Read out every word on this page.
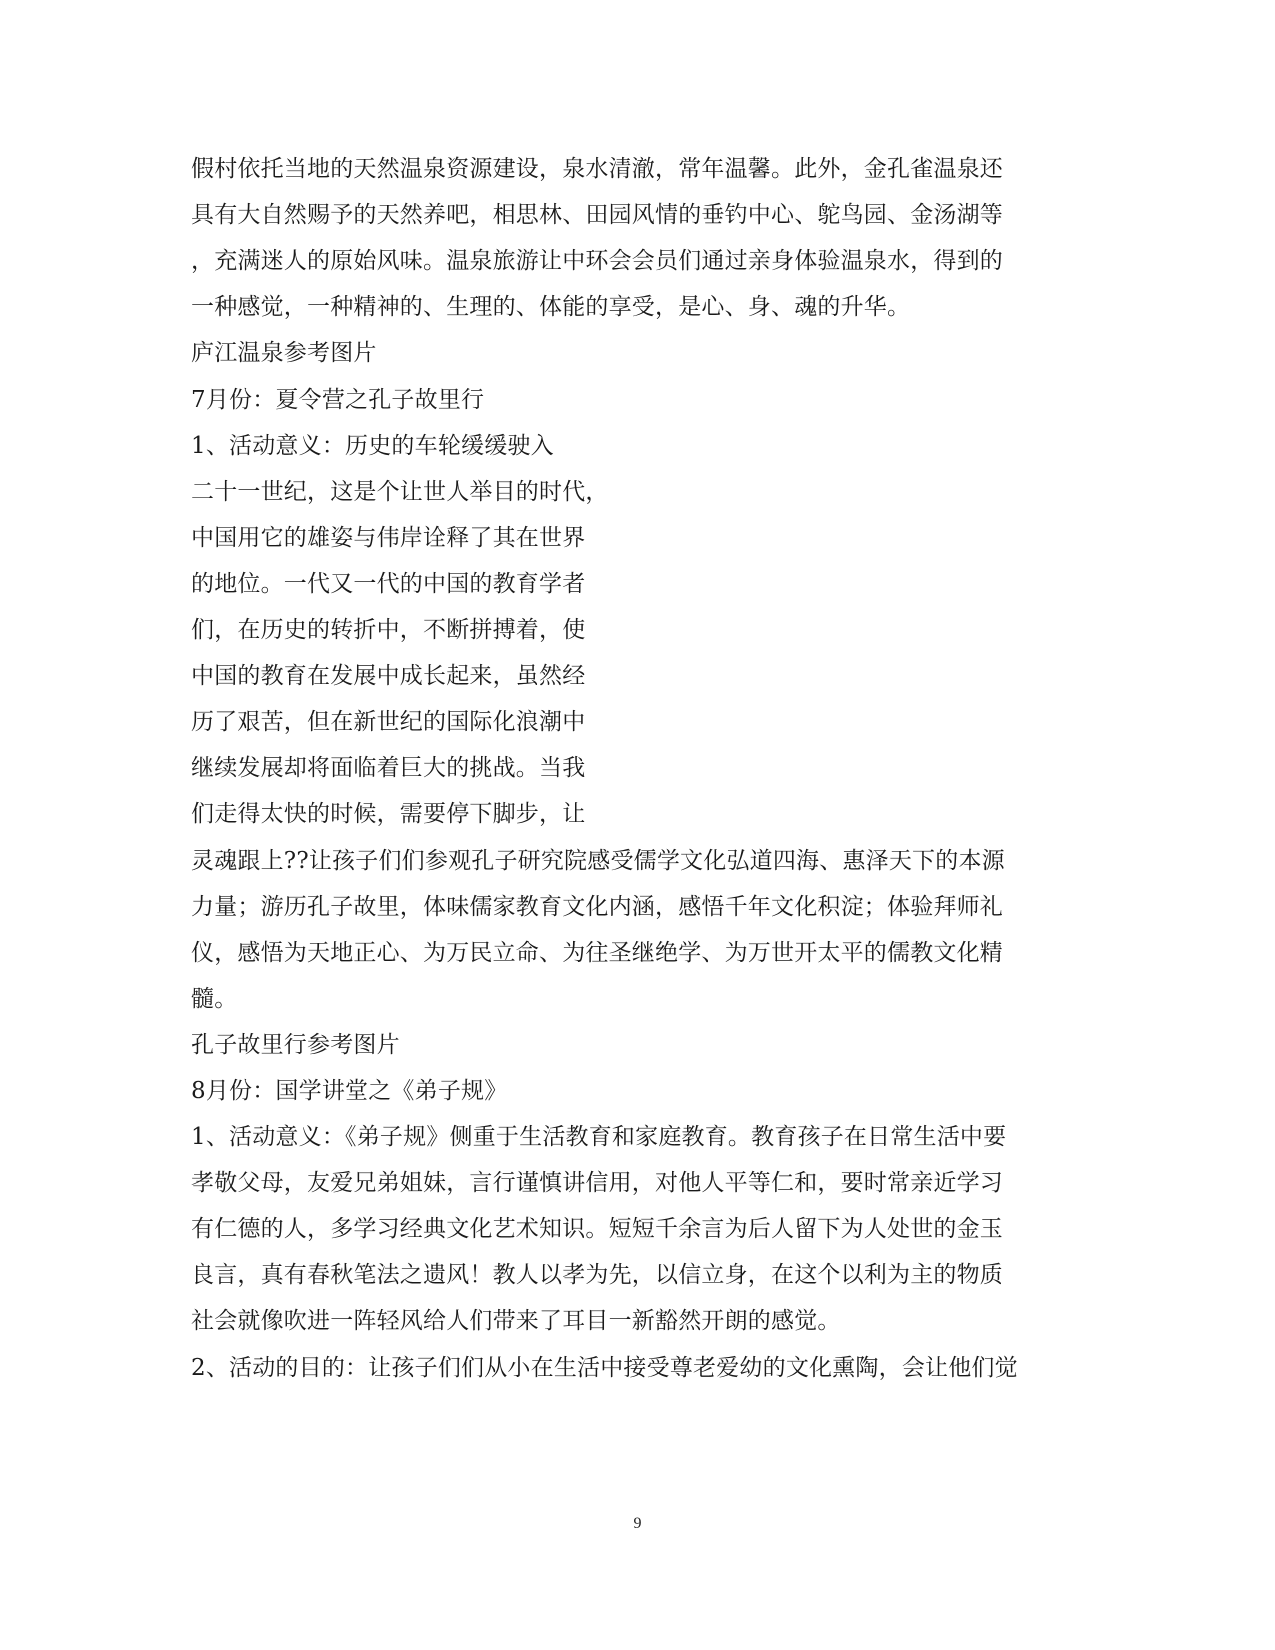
假村依托当地的天然温泉资源建设，泉水清澈，常年温馨。此外，金孔雀温泉还
具有大自然赐予的天然养吧，相思林、田园风情的垂钓中心、鸵鸟园、金汤湖等
，充满迷人的原始风味。温泉旅游让中环会会员们通过亲身体验温泉水，得到的
一种感觉，一种精神的、生理的、体能的享受，是心、身、魂的升华。
庐江温泉参考图片
7月份：夏令营之孔子故里行
1、活动意义：历史的车轮缓缓驶入
二十一世纪，这是个让世人举目的时代，
中国用它的雄姿与伟岸诠释了其在世界
的地位。一代又一代的中国的教育学者
们，在历史的转折中，不断拼搏着，使
中国的教育在发展中成长起来，虽然经
历了艰苦，但在新世纪的国际化浪潮中
继续发展却将面临着巨大的挑战。当我
们走得太快的时候，需要停下脚步，让
灵魂跟上??让孩子们们参观孔子研究院感受儒学文化弘道四海、惠泽天下的本源
力量；游历孔子故里，体味儒家教育文化内涵，感悟千年文化积淀；体验拜师礼
仪，感悟为天地正心、为万民立命、为往圣继绝学、为万世开太平的儒教文化精
髓。
孔子故里行参考图片
8月份：国学讲堂之《弟子规》
1、活动意义：《弟子规》侧重于生活教育和家庭教育。教育孩子在日常生活中要
孝敬父母，友爱兄弟姐妹，言行谨慎讲信用，对他人平等仁和，要时常亲近学习
有仁德的人，多学习经典文化艺术知识。短短千余言为后人留下为人处世的金玉
良言，真有春秋笔法之遗风！教人以孝为先，以信立身，在这个以利为主的物质
社会就像吹进一阵轻风给人们带来了耳目一新豁然开朗的感觉。
2、活动的目的：让孩子们们从小在生活中接受尊老爱幼的文化熏陶，会让他们觉
9
